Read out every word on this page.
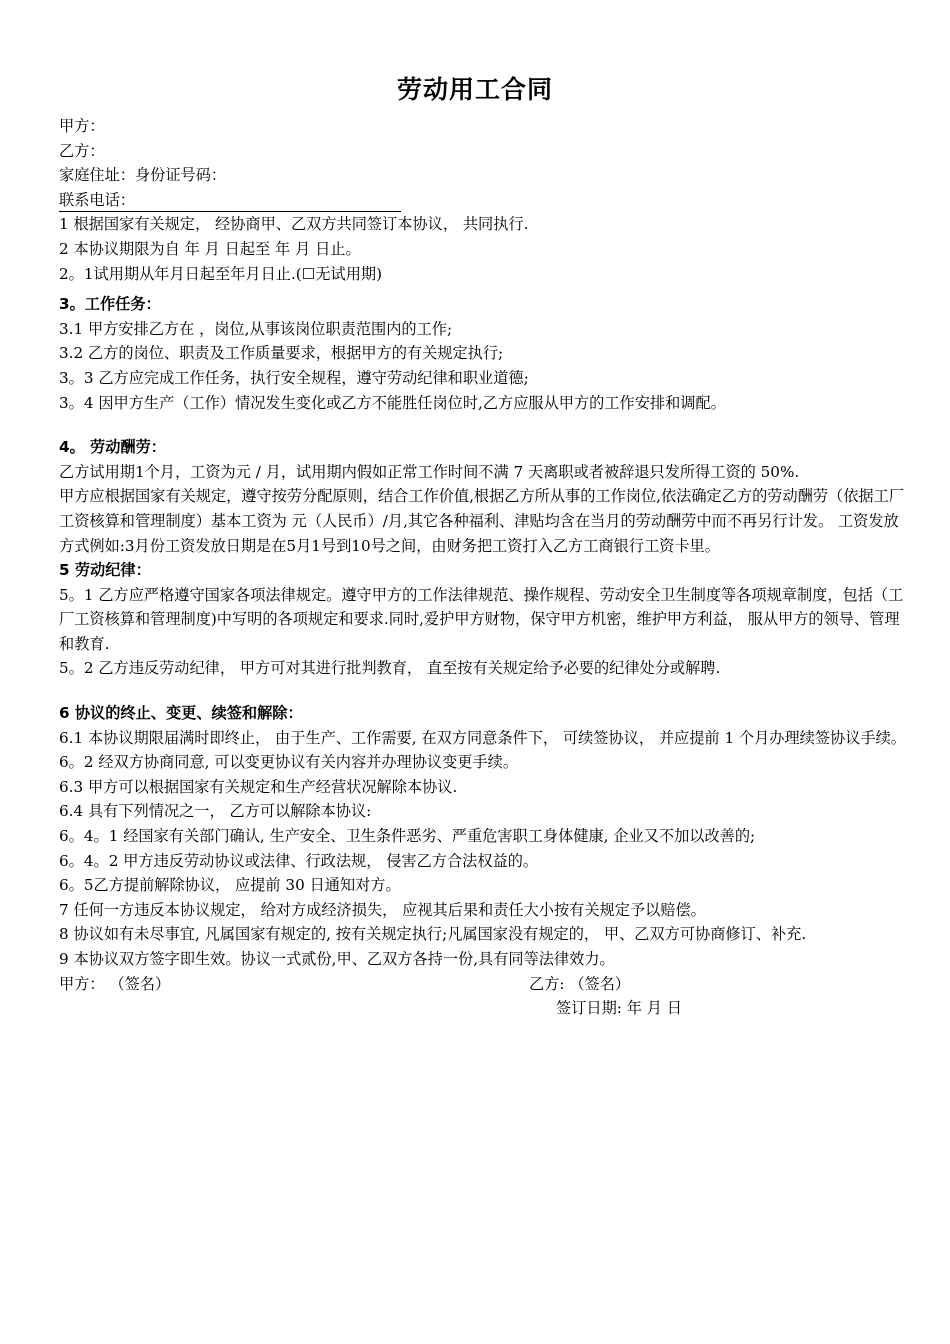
劳动用工合同

甲方：

乙方：

家庭住址：身份证号码：

联系电话：

1 根据国家有关规定， 经协商甲、乙双方共同签订本协议， 共同执行.

2 本协议期限为自 年 月 日起至 年 月 日止。

2。1试用期从年月日起至年月日止.(☐无试用期)

3。工作任务：

3.1 甲方安排乙方在 ，岗位,从事该岗位职责范围内的工作;

3.2 乙方的岗位、职责及工作质量要求，根据甲方的有关规定执行;

3。3 乙方应完成工作任务，执行安全规程，遵守劳动纪律和职业道德;

3。4 因甲方生产（工作）情况发生变化或乙方不能胜任岗位时,乙方应服从甲方的工作安排和调配。

4。 劳动酬劳：

乙方试用期1个月，工资为元 / 月，试用期内假如正常工作时间不满 7 天离职或者被辞退只发所得工资的 50%.

甲方应根据国家有关规定，遵守按劳分配原则，结合工作价值,根据乙方所从事的工作岗位,依法确定乙方的劳动酬劳（依据工厂工资核算和管理制度）基本工资为 元（人民币）/月,其它各种福利、津贴均含在当月的劳动酬劳中而不再另行计发。 工资发放方式例如:3月份工资发放日期是在5月1号到10号之间，由财务把工资打入乙方工商银行工资卡里。

5 劳动纪律：

5。1 乙方应严格遵守国家各项法律规定。遵守甲方的工作法律规范、操作规程、劳动安全卫生制度等各项规章制度，包括（工厂工资核算和管理制度)中写明的各项规定和要求.同时,爱护甲方财物，保守甲方机密，维护甲方利益， 服从甲方的领导、管理和教育.

5。2 乙方违反劳动纪律， 甲方可对其进行批判教育， 直至按有关规定给予必要的纪律处分或解聘.

6 协议的终止、变更、续签和解除：

6.1 本协议期限届满时即终止， 由于生产、工作需要, 在双方同意条件下， 可续签协议， 并应提前 1 个月办理续签协议手续。

6。2 经双方协商同意, 可以变更协议有关内容并办理协议变更手续。

6.3 甲方可以根据国家有关规定和生产经营状况解除本协议.

6.4 具有下列情况之一， 乙方可以解除本协议:

6。4。1 经国家有关部门确认, 生产安全、卫生条件恶劣、严重危害职工身体健康, 企业又不加以改善的;

6。4。2 甲方违反劳动协议或法律、行政法规， 侵害乙方合法权益的。

6。5乙方提前解除协议， 应提前 30 日通知对方。

7 任何一方违反本协议规定， 给对方成经济损失， 应视其后果和责任大小按有关规定予以赔偿。

8 协议如有未尽事宜, 凡属国家有规定的, 按有关规定执行;凡属国家没有规定的， 甲、乙双方可协商修订、补充.

9 本协议双方签字即生效。协议一式贰份,甲、乙双方各持一份,具有同等法律效力。

甲方： （签名）	乙方: （签名）
签订日期: 年 月 日
